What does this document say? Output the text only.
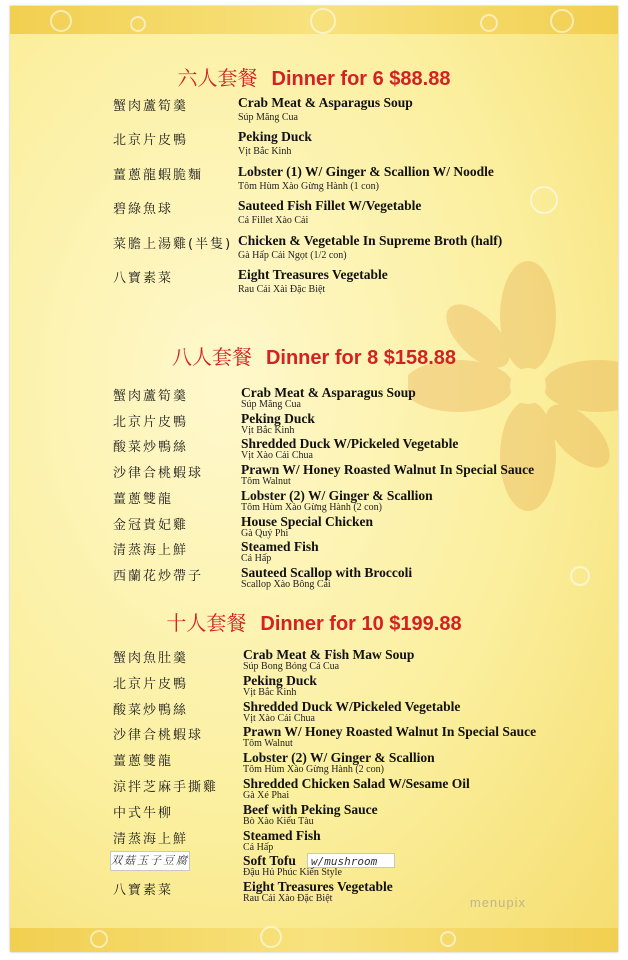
六人套餐 Dinner for 6 $88.88
蟹肉蘆筍羹	Crab Meat & Asparagus Soup
Súp Măng Cua
北京片皮鴨	Peking Duck
Vịt Bắc Kinh
薑蔥龍蝦脆麵	Lobster (1) W/ Ginger & Scallion W/ Noodle
Tôm Hùm Xào Gừng Hành (1 con)
碧綠魚球	Sauteed Fish Fillet W/Vegetable
Cá Fillet Xào Cải
菜膽上湯雞(半隻) Chicken & Vegetable In Supreme Broth (half)
Gà Hấp Cải Ngọt (1/2 con)
八寶素菜	Eight Treasures Vegetable
Rau Cải Xài Đặc Biệt
八人套餐 Dinner for 8 $158.88
蟹肉蘆筍羹	Crab Meat & Asparagus Soup
Súp Măng Cua
北京片皮鴨	Peking Duck
Vịt Bắc Kinh
酸菜炒鴨絲	Shredded Duck W/Pickeled Vegetable
Vịt Xào Cải Chua
沙律合桃蝦球	Prawn W/ Honey Roasted Walnut In Special Sauce
Tôm Walnut
薑蔥雙龍	Lobster (2) W/ Ginger & Scallion
Tôm Hùm Xào Gừng Hành (2 con)
金冠貴妃雞	House Special Chicken
Gà Quý Phi
清蒸海上鮮	Steamed Fish
Cá Hấp
西蘭花炒帶子	Sauteed Scallop with Broccoli
Scallop Xào Bông Cải
十人套餐 Dinner for 10 $199.88
蟹肉魚肚羹	Crab Meat & Fish Maw Soup
Súp Bong Bóng Cá Cua
北京片皮鴨	Peking Duck
Vịt Bắc Kinh
酸菜炒鴨絲	Shredded Duck W/Pickeled Vegetable
Vịt Xào Cải Chua
沙律合桃蝦球	Prawn W/ Honey Roasted Walnut In Special Sauce
Tôm Walnut
薑蔥雙龍	Lobster (2) W/ Ginger & Scallion
Tôm Hùm Xào Gừng Hành (2 con)
涼拌芝麻手撕雞 Shredded Chicken Salad W/Sesame Oil
Gà Xé Phai
中式牛柳	Beef with Peking Sauce
Bò Xào Kiểu Tàu
清蒸海上鮮	Steamed Fish
Cá Hấp
双菇玉子豆腐	Soft Tofu	w/mushroom
Đậu Hủ Phúc Kiến Style
八寶素菜	Eight Treasures Vegetable
Rau Cải Xào Đặc Biệt	menupix
